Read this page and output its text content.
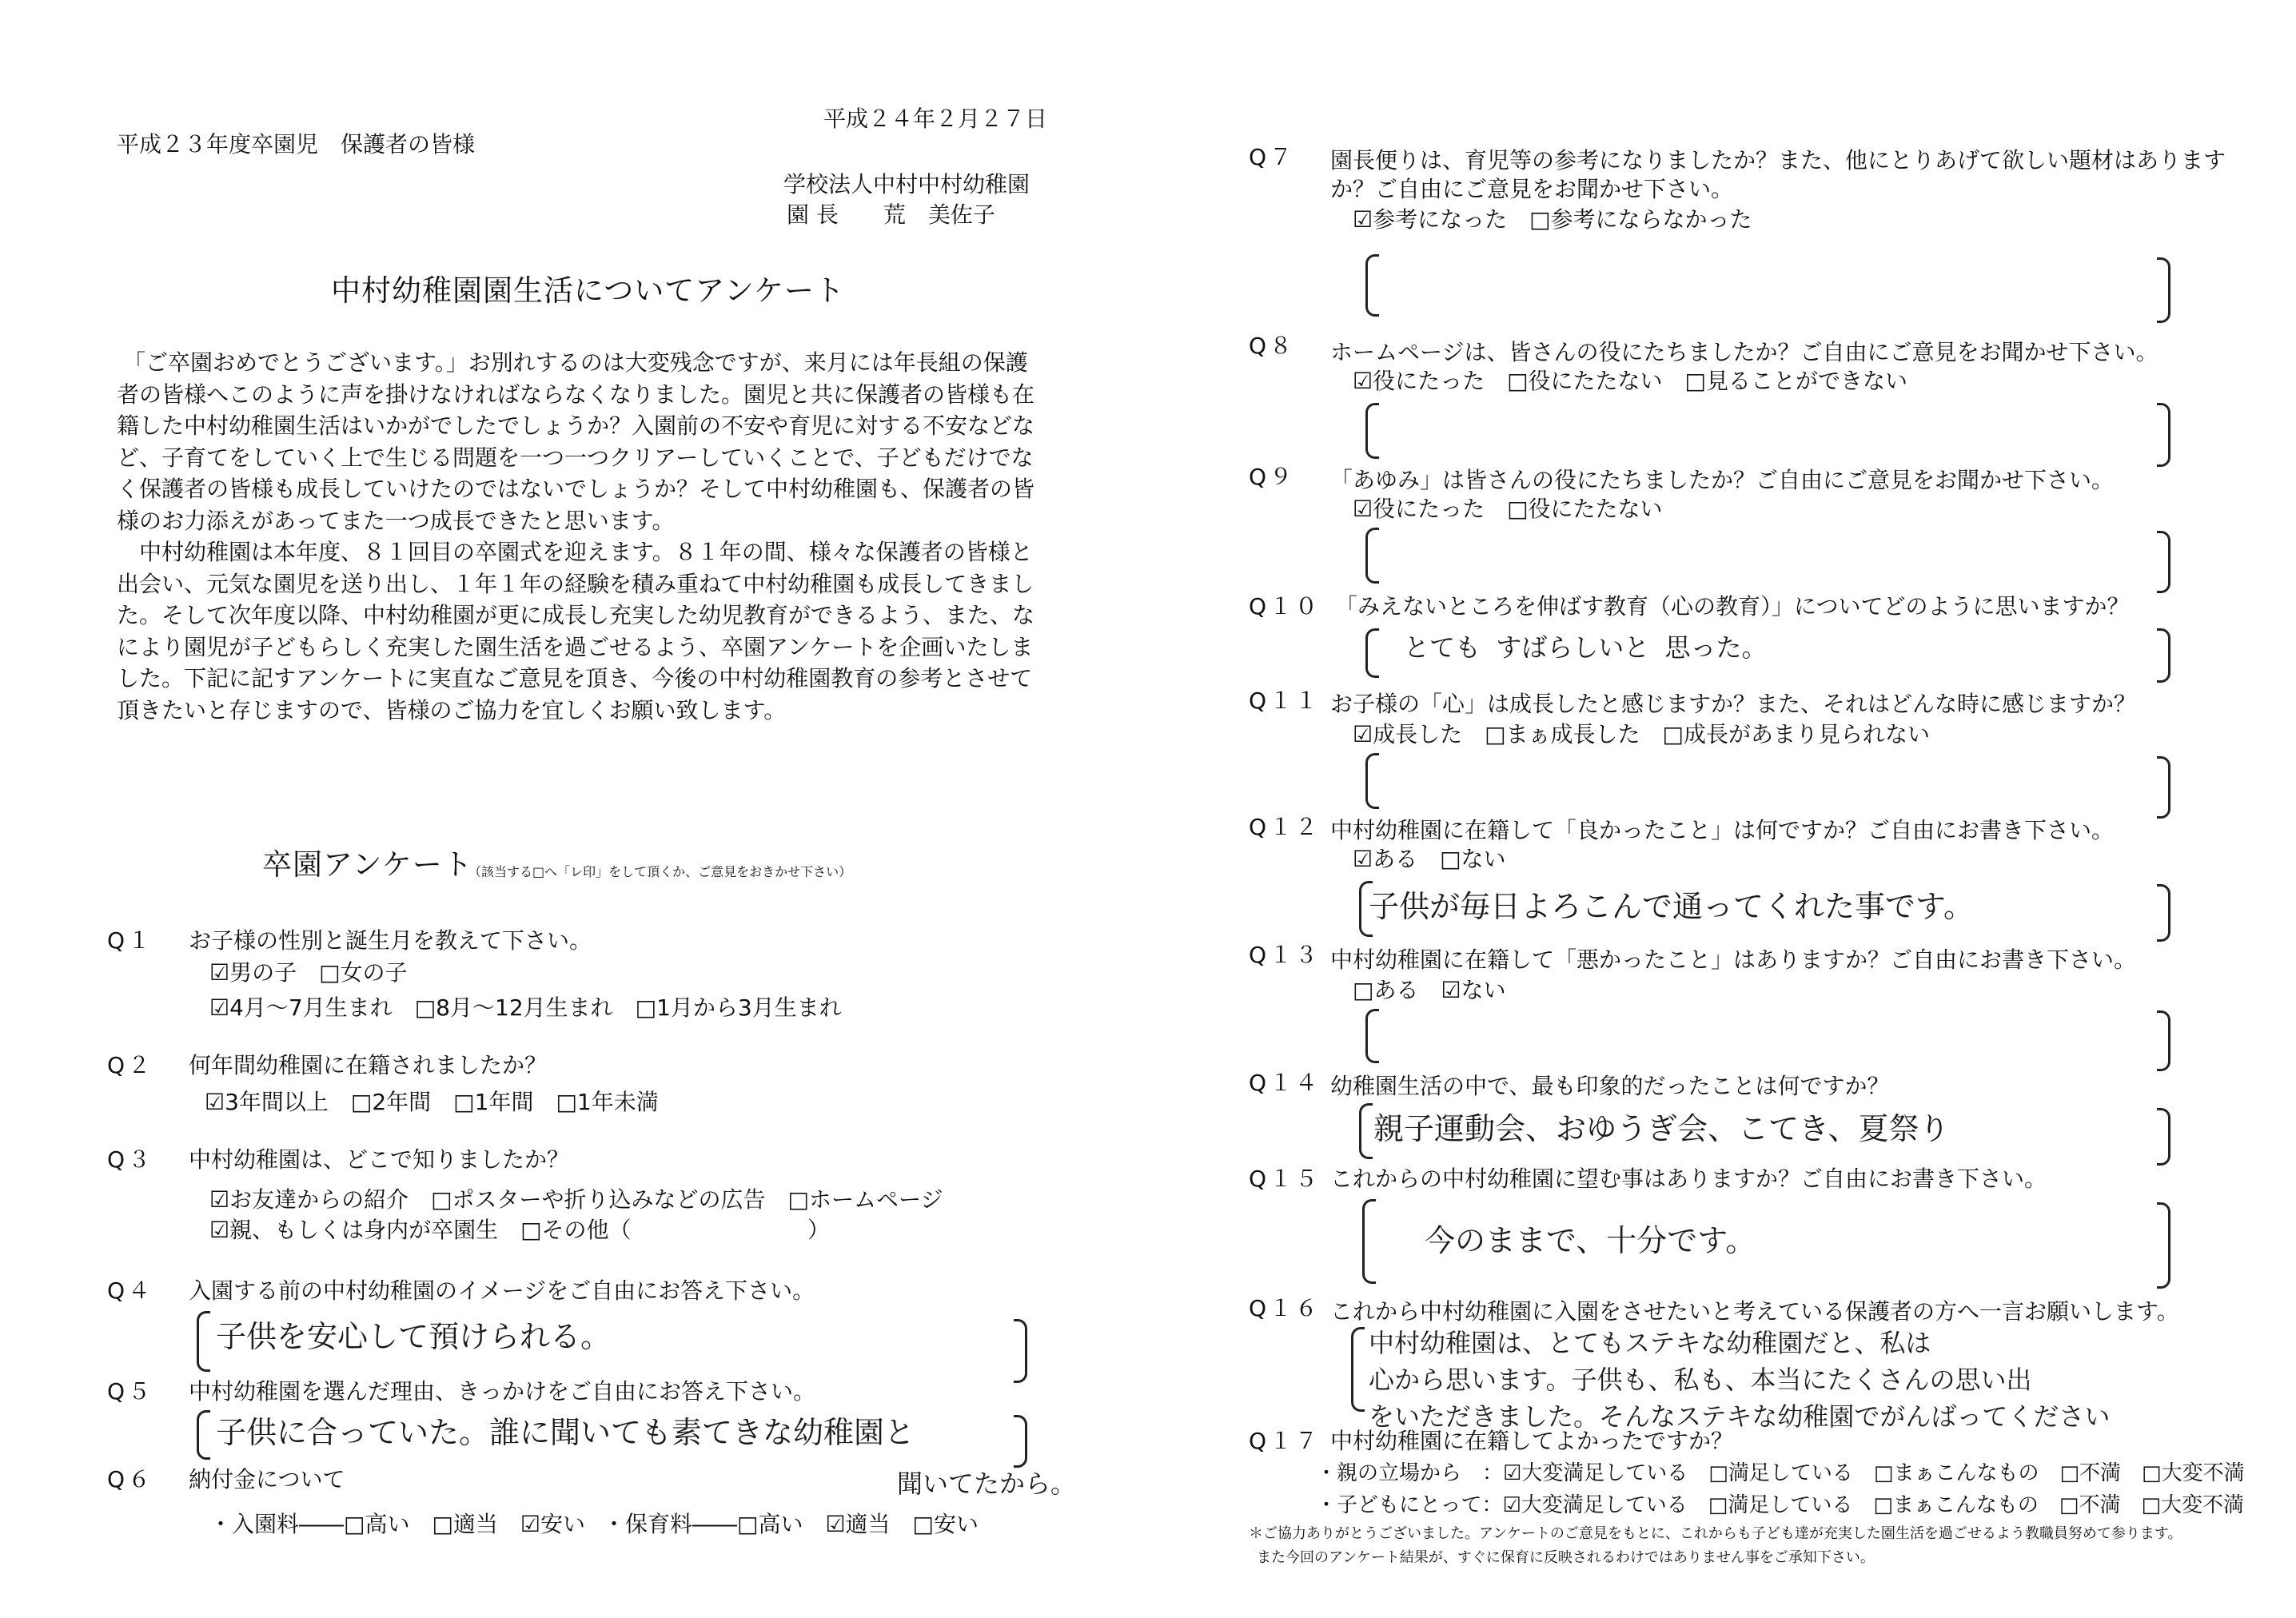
平成２３年度卒園児　保護者の皆様
平成２４年２月２７日
学校法人中村中村幼稚園
園 長　　荒　美佐子
中村幼稚園園生活についてアンケート

「ご卒園おめでとうございます。」お別れするのは大変残念ですが、来月には年長組の保護者の皆様へこのように声を掛けなければならなくなりました。園児と共に保護者の皆様も在籍した中村幼稚園生活はいかがでしたでしょうか？入園前の不安や育児に対する不安などなど、子育てをしていく上で生じる問題を一つ一つクリアーしていくことで、子どもだけでなく保護者の皆様も成長していけたのではないでしょうか？そして中村幼稚園も、保護者の皆様のお力添えがあってまた一つ成長できたと思います。

中村幼稚園は本年度、８１回目の卒園式を迎えます。８１年の間、様々な保護者の皆様と出会い、元気な園児を送り出し、１年１年の経験を積み重ねて中村幼稚園も成長してきました。そして次年度以降、中村幼稚園が更に成長し充実した幼児教育ができるよう、また、なにより園児が子どもらしく充実した園生活を過ごせるよう、卒園アンケートを企画いたしました。下記に記すアンケートに実直なご意見を頂き、今後の中村幼稚園教育の参考とさせて頂きたいと存じますので、皆様のご協力を宜しくお願い致します。

卒園アンケート
（該当する□へ「レ印」をして頂くか、ご意見をおきかせ下さい）
Q１ お子様の性別と誕生月を教えて下さい。
☑男の子　□女の子
☑4月～7月生まれ　□8月～12月生まれ　□1月から3月生まれ
Q２ 何年間幼稚園に在籍されましたか？
☑3年間以上　□2年間　□1年間　□1年未満
Q３ 中村幼稚園は、どこで知りましたか？
☑お友達からの紹介　□ポスターや折り込みなどの広告　□ホームページ
☑親、もしくは身内が卒園生　□その他（	）
Q４ 入園する前の中村幼稚園のイメージをご自由にお答え下さい。
子供を安心して預けられる。
Q５ 中村幼稚園を選んだ理由、きっかけをご自由にお答え下さい。
子供に合っていた。誰に聞いても素てきな幼稚園と
聞いてたから。
Q６ 納付金について
・入園料――□高い　□適当　☑安い ・保育料――□高い　☑適当　□安い
Q７ 園長便りは、育児等の参考になりましたか？また、他にとりあげて欲しい題材はあります
か？ご自由にご意見をお聞かせ下さい。
☑参考になった　□参考にならなかった
Q８ ホームページは、皆さんの役にたちましたか？ご自由にご意見をお聞かせ下さい。
☑役にたった　□役にたたない　□見ることができない
Q９ 「あゆみ」は皆さんの役にたちましたか？ご自由にご意見をお聞かせ下さい。
☑役にたった　□役にたたない
Q１０ 「みえないところを伸ばす教育（心の教育）」についてどのように思いますか？
とても すばらしいと 思った。
Q１１ お子様の「心」は成長したと感じますか？また、それはどんな時に感じますか？
☑成長した　□まぁ成長した　□成長があまり見られない
Q１２ 中村幼稚園に在籍して「良かったこと」は何ですか？ご自由にお書き下さい。
☑ある　□ない
子供が毎日よろこんで通ってくれた事です。
Q１３ 中村幼稚園に在籍して「悪かったこと」はありますか？ご自由にお書き下さい。
□ある　☑ない
Q１４ 幼稚園生活の中で、最も印象的だったことは何ですか？
親子運動会、おゆうぎ会、こてき、夏祭り
Q１５ これからの中村幼稚園に望む事はありますか？ご自由にお書き下さい。
今のままで、十分です。
Q１６ これから中村幼稚園に入園をさせたいと考えている保護者の方へ一言お願いします。
中村幼稚園は、とてもステキな幼稚園だと、私は
心から思います。子供も、私も、本当にたくさんの思い出
をいただきました。そんなステキな幼稚園でがんばってください
Q１７ 中村幼稚園に在籍してよかったですか？
・親の立場から　：☑大変満足している　□満足している　□まぁこんなもの　□不満　□大変不満
・子どもにとって：☑大変満足している　□満足している　□まぁこんなもの　□不満　□大変不満
＊ご協力ありがとうございました。アンケートのご意見をもとに、これからも子ども達が充実した園生活を過ごせるよう教職員努めて参ります。
また今回のアンケート結果が、すぐに保育に反映されるわけではありません事をご承知下さい。
